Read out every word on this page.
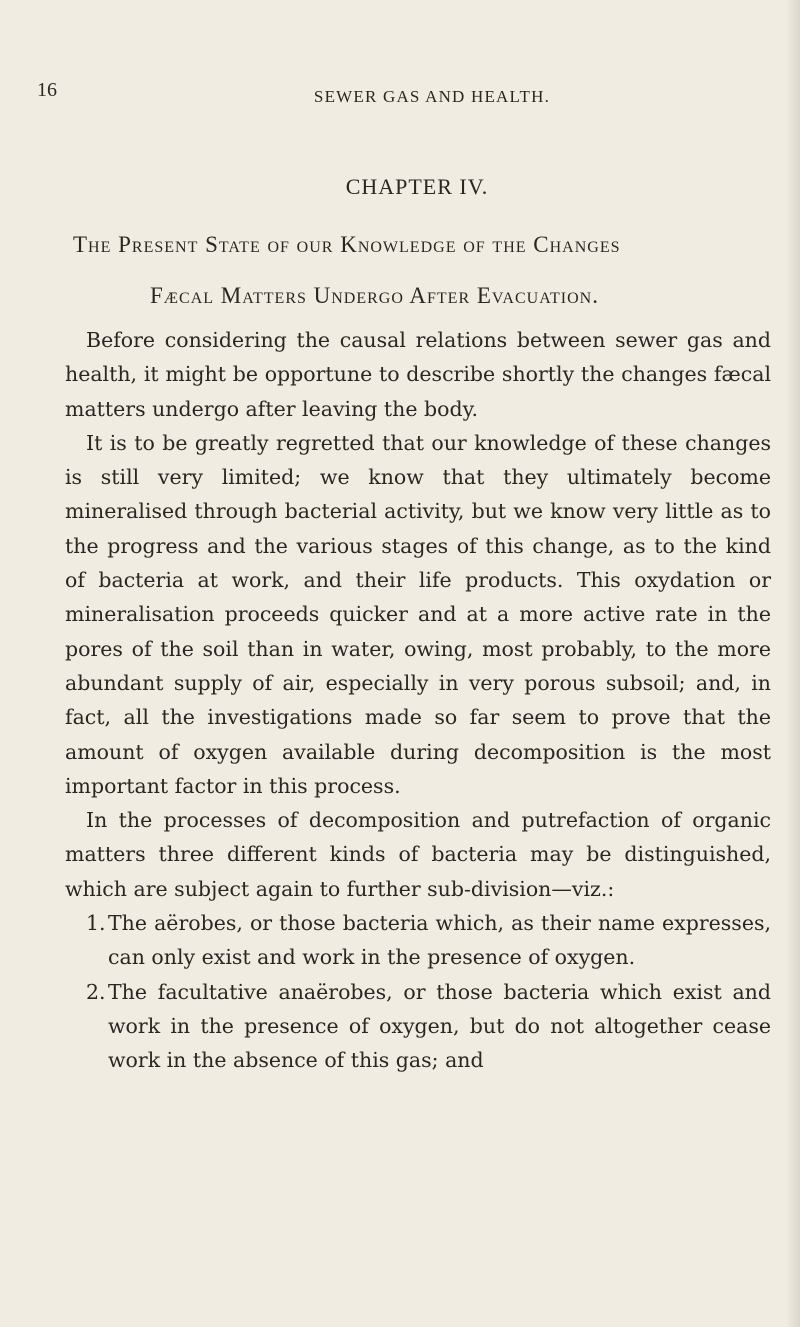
16	SEWER GAS AND HEALTH.
CHAPTER IV.
The Present State of our Knowledge of the Changes
Fæcal Matters Undergo After Evacuation.

Before considering the causal relations between sewer gas and health, it might be opportune to describe shortly the changes fæcal matters undergo after leaving the body.

It is to be greatly regretted that our knowledge of these changes is still very limited; we know that they ultimately become mineralised through bacterial activity, but we know very little as to the progress and the various stages of this change, as to the kind of bacteria at work, and their life products. This oxydation or mineralisation proceeds quicker and at a more active rate in the pores of the soil than in water, owing, most probably, to the more abundant supply of air, especially in very porous subsoil; and, in fact, all the investigations made so far seem to prove that the amount of oxygen available during decomposition is the most important factor in this process.

In the processes of decomposition and putrefaction of organic matters three different kinds of bacteria may be distinguished, which are subject again to further sub-division—viz.:

1. The aërobes, or those bacteria which, as their name expresses, can only exist and work in the presence of oxygen.
2. The facultative anaërobes, or those bacteria which exist and work in the presence of oxygen, but do not altogether cease work in the absence of this gas; and
